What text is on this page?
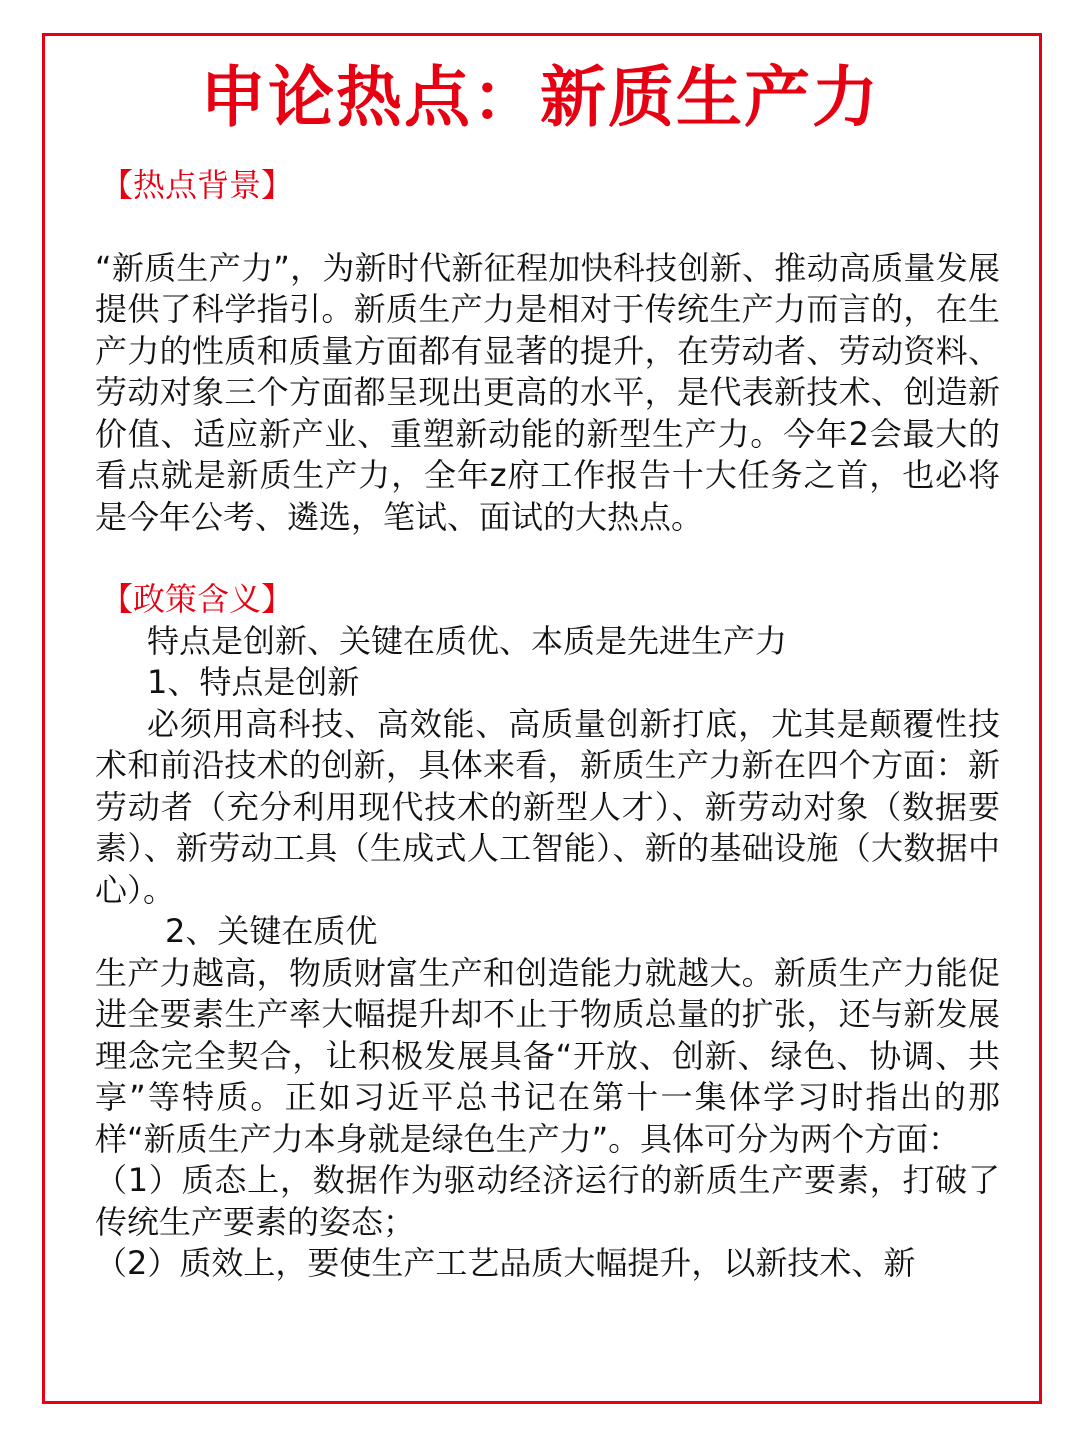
申论热点：新质生产力
【热点背景】

“新质生产力”，为新时代新征程加快科技创新、推动高质量发展提供了科学指引。新质生产力是相对于传统生产力而言的，在生产力的性质和质量方面都有显著的提升，在劳动者、劳动资料、劳动对象三个方面都呈现出更高的水平，是代表新技术、创造新价值、适应新产业、重塑新动能的新型生产力。今年2会最大的看点就是新质生产力，全年z府工作报告十大任务之首，也必将是今年公考、遴选，笔试、面试的大热点。

【政策含义】

特点是创新、关键在质优、本质是先进生产力

1、特点是创新

必须用高科技、高效能、高质量创新打底，尤其是颠覆性技术和前沿技术的创新，具体来看，新质生产力新在四个方面：新劳动者（充分利用现代技术的新型人才）、新劳动对象（数据要素）、新劳动工具（生成式人工智能）、新的基础设施（大数据中心）。

2、关键在质优

生产力越高，物质财富生产和创造能力就越大。新质生产力能促进全要素生产率大幅提升却不止于物质总量的扩张，还与新发展理念完全契合，让积极发展具备“开放、创新、绿色、协调、共享”等特质。正如习近平总书记在第十一集体学习时指出的那样“新质生产力本身就是绿色生产力”。具体可分为两个方面：

（1）质态上，数据作为驱动经济运行的新质生产要素，打破了传统生产要素的姿态；

（2）质效上，要使生产工艺品质大幅提升，以新技术、新
